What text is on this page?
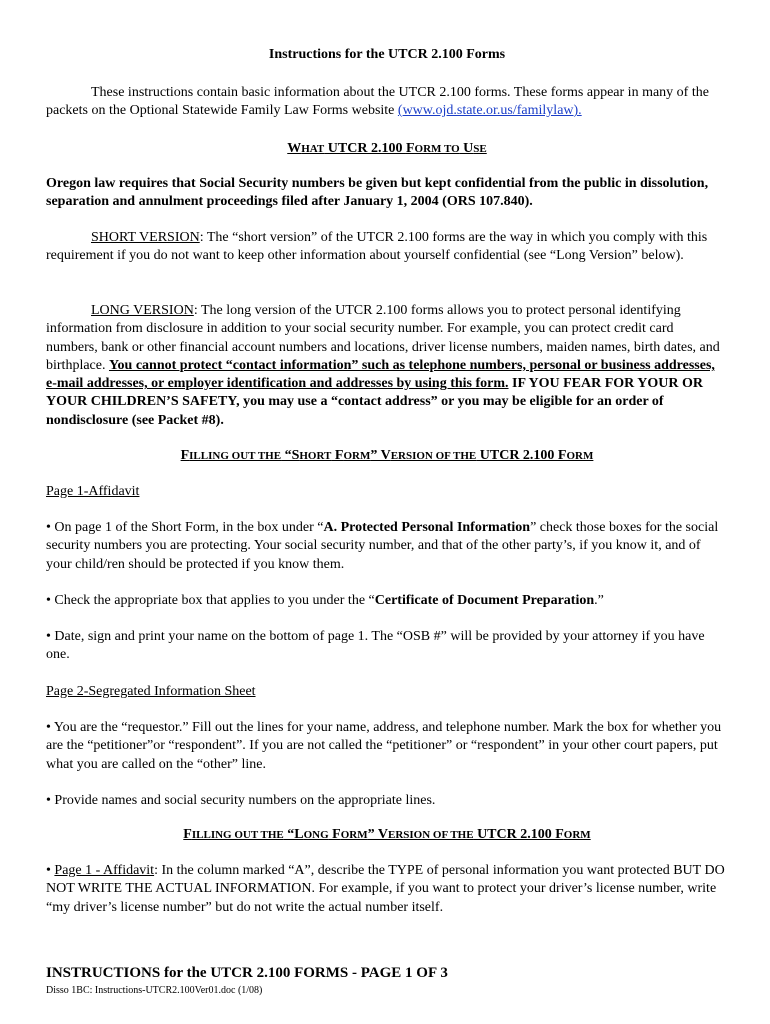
Instructions for the UTCR 2.100 Forms

These instructions contain basic information about the UTCR 2.100 forms. These forms appear in many of the packets on the Optional Statewide Family Law Forms website (www.ojd.state.or.us/familylaw).

WHAT UTCR 2.100 FORM TO USE

Oregon law requires that Social Security numbers be given but kept confidential from the public in dissolution, separation and annulment proceedings filed after January 1, 2004 (ORS 107.840).

SHORT VERSION: The “short version” of the UTCR 2.100 forms are the way in which you comply with this requirement if you do not want to keep other information about yourself confidential (see “Long Version” below).

LONG VERSION: The long version of the UTCR 2.100 forms allows you to protect personal identifying information from disclosure in addition to your social security number. For example, you can protect credit card numbers, bank or other financial account numbers and locations, driver license numbers, maiden names, birth dates, and birthplace. You cannot protect “contact information” such as telephone numbers, personal or business addresses, e-mail addresses, or employer identification and addresses by using this form. IF YOU FEAR FOR YOUR OR YOUR CHILDREN’S SAFETY, you may use a “contact address” or you may be eligible for an order of nondisclosure (see Packet #8).

FILLING OUT THE “SHORT FORM” VERSION OF THE UTCR 2.100 FORM

Page 1-Affidavit

• On page 1 of the Short Form, in the box under “A. Protected Personal Information” check those boxes for the social security numbers you are protecting. Your social security number, and that of the other party’s, if you know it, and of your child/ren should be protected if you know them.

• Check the appropriate box that applies to you under the “Certificate of Document Preparation.”

• Date, sign and print your name on the bottom of page 1. The “OSB #” will be provided by your attorney if you have one.

Page 2-Segregated Information Sheet

• You are the “requestor.” Fill out the lines for your name, address, and telephone number. Mark the box for whether you are the “petitioner”or “respondent”. If you are not called the “petitioner” or “respondent” in your other court papers, put what you are called on the “other” line.

• Provide names and social security numbers on the appropriate lines.

FILLING OUT THE “LONG FORM” VERSION OF THE UTCR 2.100 FORM

• Page 1 - Affidavit: In the column marked “A”, describe the TYPE of personal information you want protected BUT DO NOT WRITE THE ACTUAL INFORMATION. For example, if you want to protect your driver’s license number, write “my driver’s license number” but do not write the actual number itself.

INSTRUCTIONS for the UTCR 2.100 FORMS - PAGE 1 OF 3

Disso 1BC: Instructions-UTCR2.100Ver01.doc (1/08)
